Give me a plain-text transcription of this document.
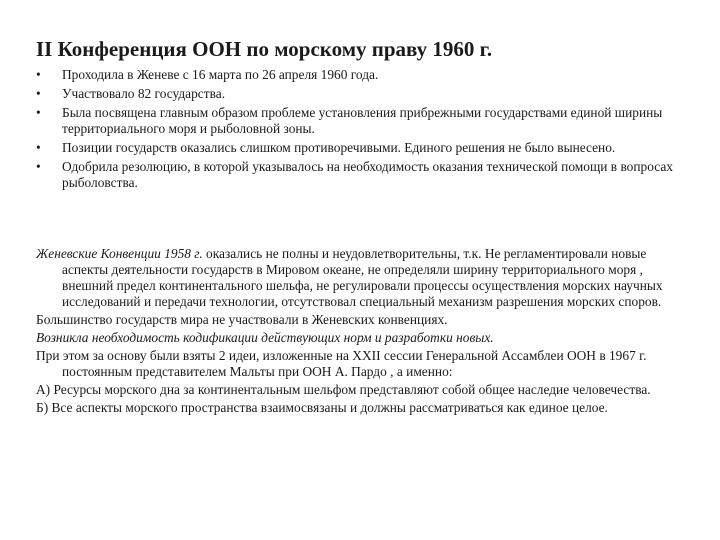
II Конференция ООН по морскому праву 1960 г.
• Проходила в Женеве с 16 марта по 26 апреля 1960 года.
• Участвовало 82 государства.
• Была посвящена главным образом проблеме установления прибрежными государствами единой ширины территориального моря и рыболовной зоны.
• Позиции государств оказались слишком противоречивыми. Единого решения не было вынесено.
• Одобрила резолюцию, в которой указывалось на необходимость оказания технической помощи в вопросах рыболовства.

Женевские Конвенции 1958 г. оказались не полны и неудовлетворительны, т.к. Не регламентировали новые аспекты деятельности государств в Мировом океане, не определяли ширину территориального моря , внешний предел континентального шельфа, не регулировали процессы осуществления морских научных исследований и передачи технологии, отсутствовал специальный механизм разрешения морских споров.

Большинство государств мира не участвовали в Женевских конвенциях.

Возникла необходимость кодификации действующих норм и разработки новых.

При этом за основу были взяты 2 идеи, изложенные на XXII сессии Генеральной Ассамблеи ООН в 1967 г. постоянным представителем Мальты при ООН А. Пардо , а именно:

А) Ресурсы морского дна за континентальным шельфом представляют собой общее наследие человечества.

Б) Все аспекты морского пространства взаимосвязаны и должны рассматриваться как единое целое.
